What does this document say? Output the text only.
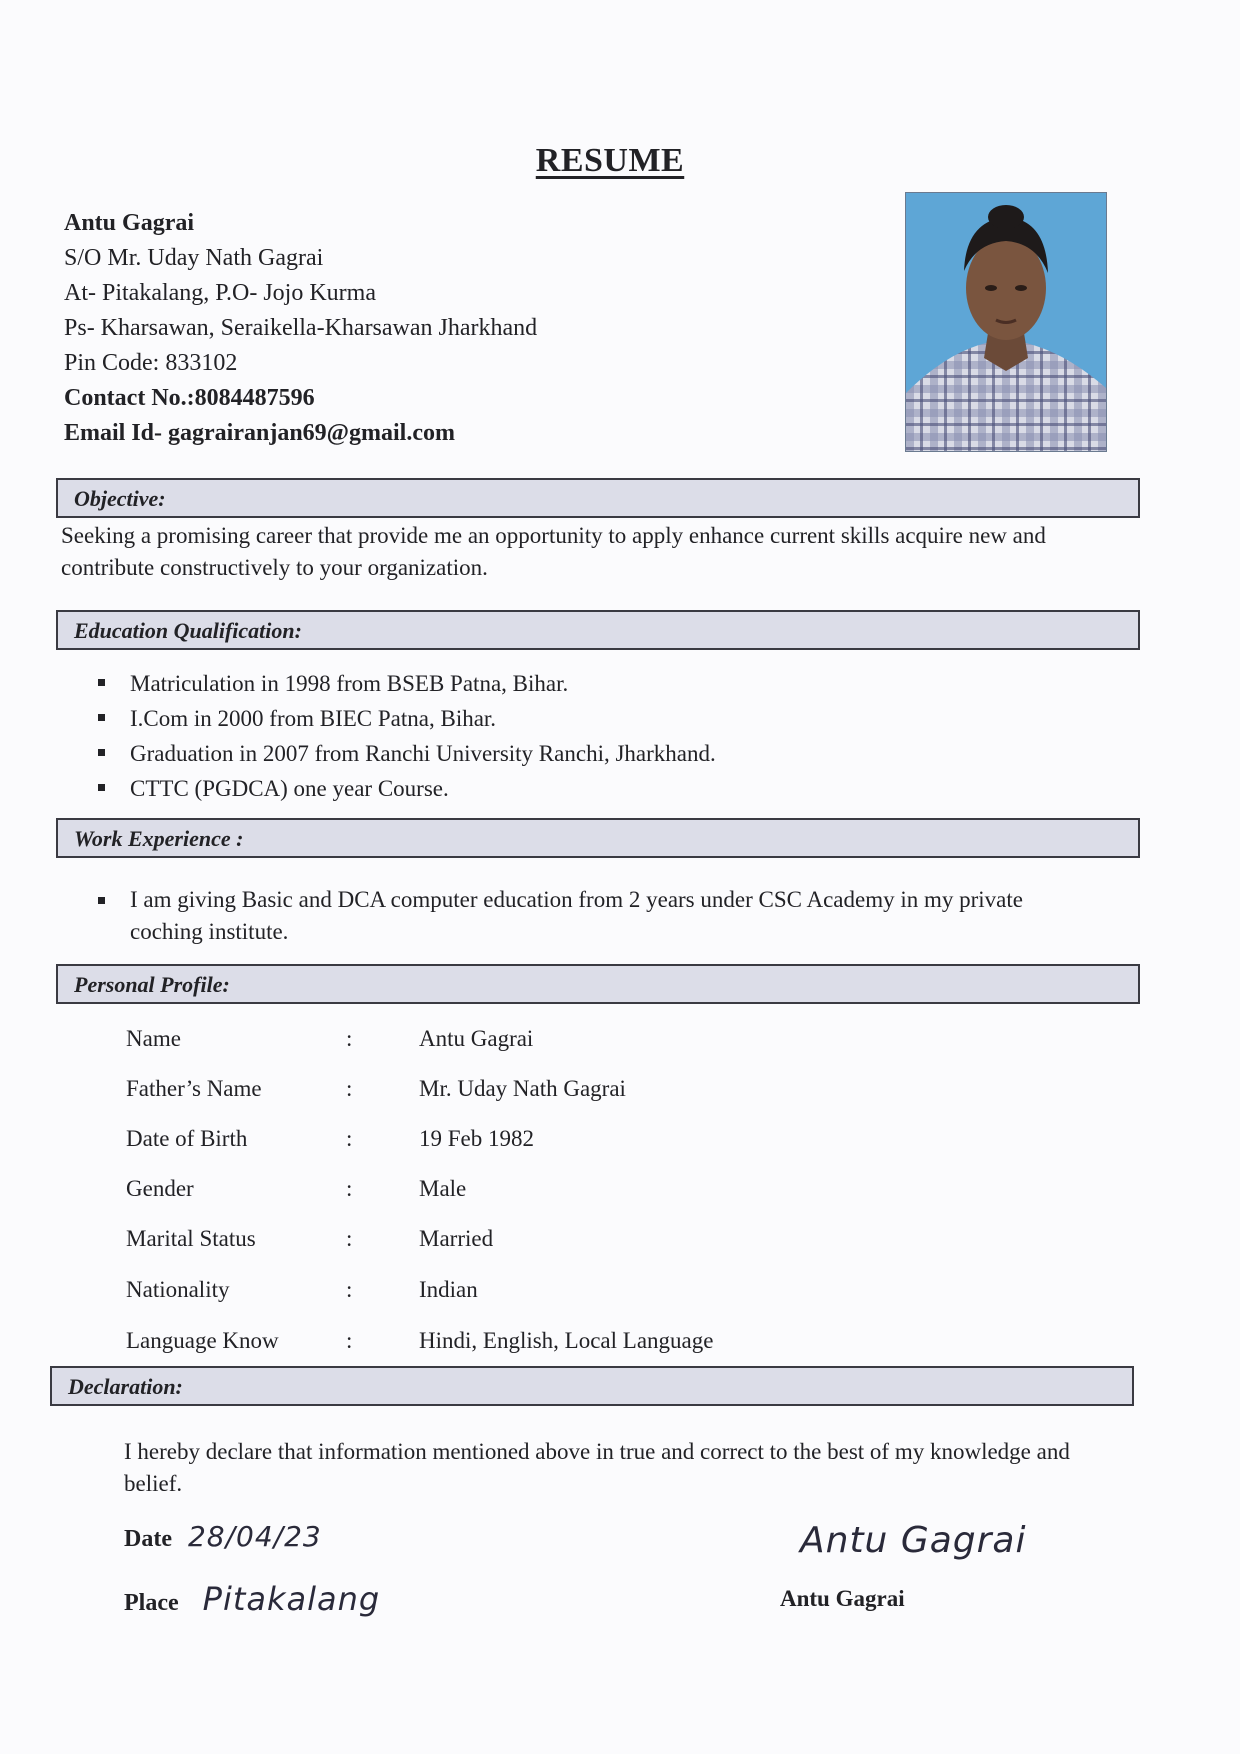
RESUME
Antu Gagrai
S/O Mr. Uday Nath Gagrai
At- Pitakalang, P.O- Jojo Kurma
Ps- Kharsawan, Seraikella-Kharsawan Jharkhand
Pin Code: 833102
Contact No.:8084487596
Email Id- gagrairanjan69@gmail.com
Objective:
Seeking a promising career that provide me an opportunity to apply enhance current skills acquire new and contribute constructively to your organization.
Education Qualification:
Matriculation in 1998 from BSEB Patna, Bihar.
I.Com in 2000 from BIEC Patna, Bihar.
Graduation in 2007 from Ranchi University Ranchi, Jharkhand.
CTTC (PGDCA) one year Course.
Work Experience :
I am giving Basic and DCA computer education from 2 years under CSC Academy in my private coching institute.
Personal Profile:
Name	:	Antu Gagrai
Father’s Name	:	Mr. Uday Nath Gagrai
Date of Birth	:	19 Feb 1982
Gender	:	Male
Marital Status	:	Married
Nationality	:	Indian
Language Know	:	Hindi, English, Local Language
Declaration:
I hereby declare that information mentioned above in true and correct to the best of my knowledge and belief.
Date 28/04/23
Place Pitakalang
Antu Gagrai
Antu Gagrai
